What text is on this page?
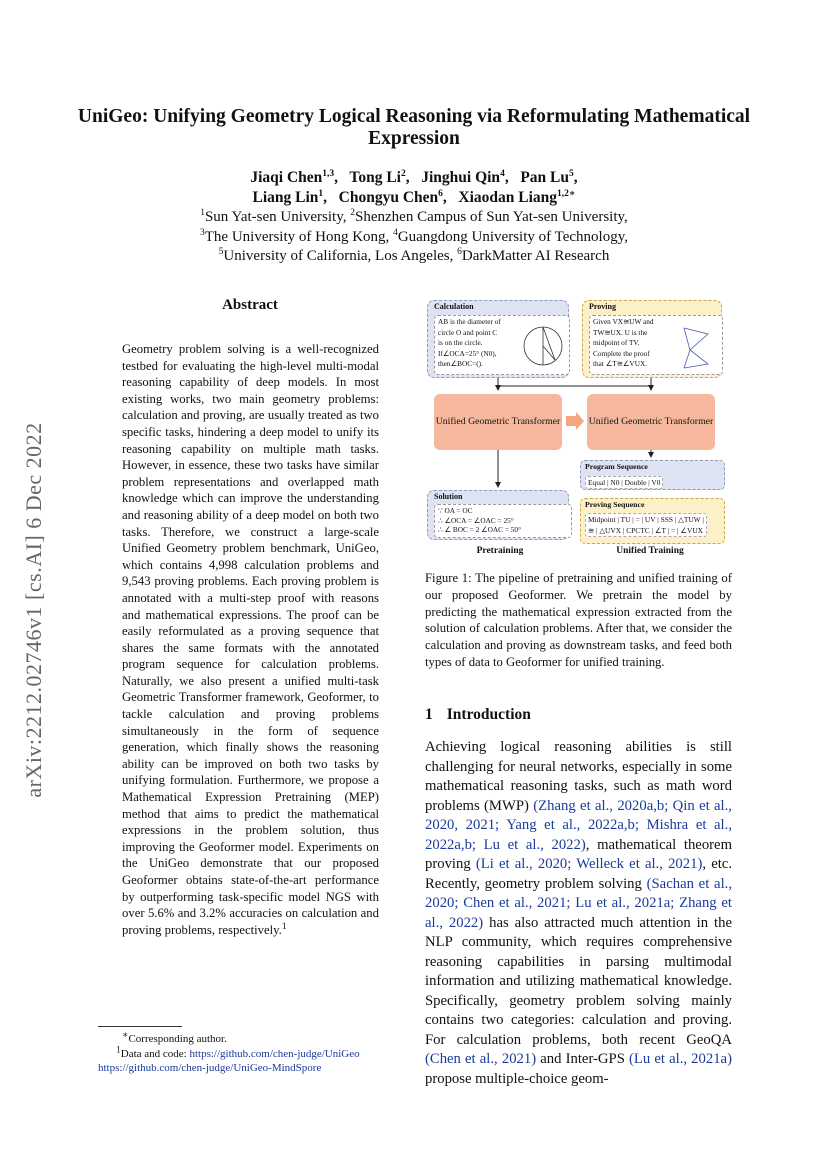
UniGeo: Unifying Geometry Logical Reasoning via Reformulating Mathematical Expression
Jiaqi Chen$^{1,3}$,   Tong Li$^2$,   Jinghui Qin$^4$,   Pan Lu$^5$,
Liang Lin$^1$,   Chongyu Chen$^6$,   Xiaodan Liang$^{1,2∗}$
$^1$Sun Yat-sen University, $^2$Shenzhen Campus of Sun Yat-sen University,
$^3$The University of Hong Kong, $^4$Guangdong University of Technology,
$^5$University of California, Los Angeles, $^6$DarkMatter AI Research
arXiv:2212.02746v1 [cs.AI] 6 Dec 2022
Abstract

Geometry problem solving is a well-recognized testbed for evaluating the high-level multi-modal reasoning capability of deep models. In most existing works, two main geometry problems: calculation and proving, are usually treated as two specific tasks, hindering a deep model to unify its reasoning capability on multiple math tasks. However, in essence, these two tasks have similar problem representations and overlapped math knowledge which can improve the understanding and reasoning ability of a deep model on both two tasks. Therefore, we construct a large-scale Unified Geometry problem benchmark, UniGeo, which contains 4,998 calculation problems and 9,543 proving problems. Each proving problem is annotated with a multi-step proof with reasons and mathematical expressions. The proof can be easily reformulated as a proving sequence that shares the same formats with the annotated program sequence for calculation problems. Naturally, we also present a unified multi-task Geometric Transformer framework, Geoformer, to tackle calculation and proving problems simultaneously in the form of sequence generation, which finally shows the reasoning ability can be improved on both two tasks by unifying formulation. Furthermore, we propose a Mathematical Expression Pretraining (MEP) method that aims to predict the mathematical expressions in the problem solution, thus improving the Geoformer model. Experiments on the UniGeo demonstrate that our proposed Geoformer obtains state-of-the-art performance by outperforming task-specific model NGS with over 5.6% and 3.2% accuracies on calculation and proving problems, respectively.$^1$

∗Corresponding author.
$^1$Data and code: https://github.com/chen-judge/UniGeo
https://github.com/chen-judge/UniGeo-MindSpore
Calculation
AB is the diameter of
circle O and point C
is on the circle.
If∠OCA=25° (N0),
then∠BOC=().
Proving
Given VX≅UW and
TW≅UX. U is the
midpoint of TV.
Complete the proof
that ∠T≅∠VUX.
Unified Geometric Transformer	Unified Geometric Transformer
Program Sequence
Equal | N0 | Double | V0
Solution
∵ OA = OC
∴ ∠OCA = ∠OAC = 25°
∴ ∠ BOC = 2 ∠OAC = 50°
Proving Sequence
Midpoint | TU | = | UV | SSS | △TUW |
≅ | △UVX | CPCTC | ∠T | = | ∠VUX
Pretraining	Unified Training
Figure 1: The pipeline of pretraining and unified training of our proposed Geoformer. We pretrain the model by predicting the mathematical expression extracted from the solution of calculation problems. After that, we consider the calculation and proving as downstream tasks, and feed both types of data to Geoformer for unified training.
1 Introduction
Achieving logical reasoning abilities is still challenging for neural networks, especially in some mathematical reasoning tasks, such as math word problems (MWP) (Zhang et al., 2020a,b; Qin et al., 2020, 2021; Yang et al., 2022a,b; Mishra et al., 2022a,b; Lu et al., 2022), mathematical theorem proving (Li et al., 2020; Welleck et al., 2021), etc. Recently, geometry problem solving (Sachan et al., 2020; Chen et al., 2021; Lu et al., 2021a; Zhang et al., 2022) has also attracted much attention in the NLP community, which requires comprehensive reasoning capabilities in parsing multimodal information and utilizing mathematical knowledge. Specifically, geometry problem solving mainly contains two categories: calculation and proving. For calculation problems, both recent GeoQA (Chen et al., 2021) and Inter-GPS (Lu et al., 2021a) propose multiple-choice geom-
